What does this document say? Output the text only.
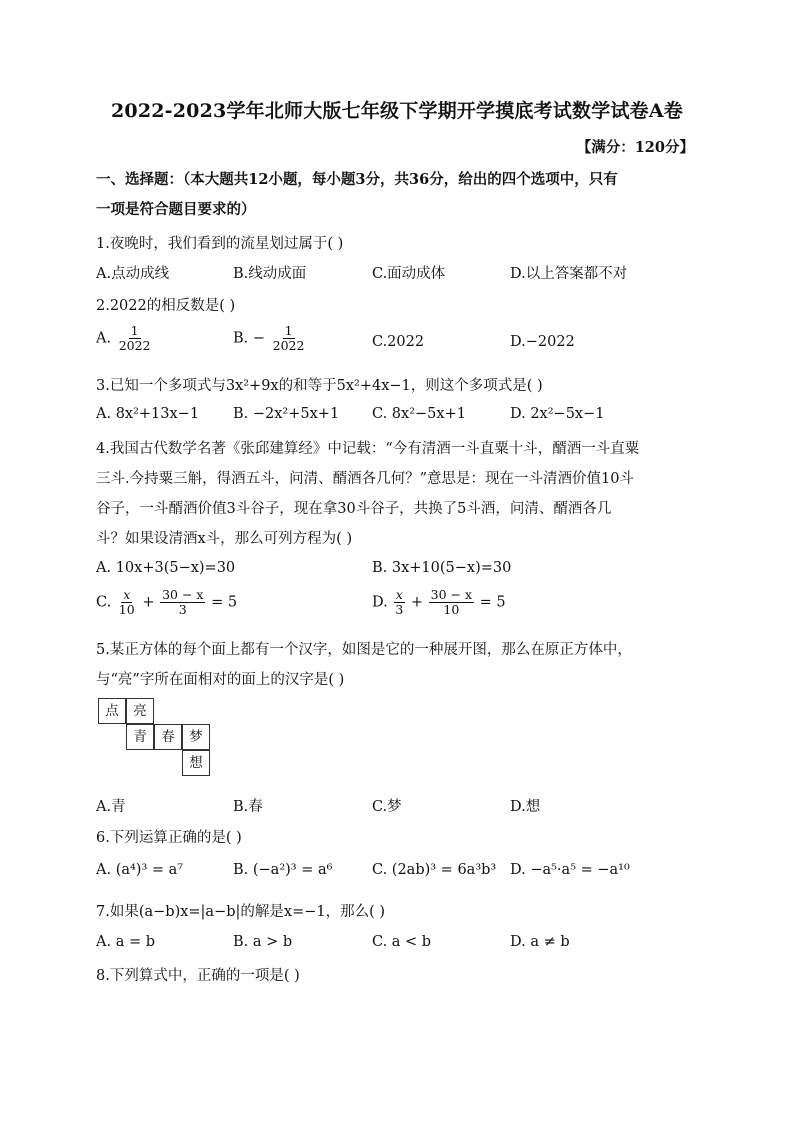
2022-2023学年北师大版七年级下学期开学摸底考试数学试卷A卷
【满分：120分】
一、选择题：（本大题共12小题，每小题3分，共36分，给出的四个选项中，只有
一项是符合题目要求的）
1.夜晚时，我们看到的流星划过属于( )
A.点动成线	B.线动成面	C.面动成体	D.以上答案都不对
2.2022的相反数是( )
A. $\frac{1}{2022}$	B. − $\frac{1}{2022}$	C.2022	D.−2022
3.已知一个多项式与3x²+9x的和等于5x²+4x−1，则这个多项式是( )
A. 8x²+13x−1 B. −2x²+5x+1 C. 8x²−5x+1	D. 2x²−5x−1
4.我国古代数学名著《张邱建算经》中记载：“今有清酒一斗直粟十斗，醑酒一斗直粟
三斗.今持粟三斛，得酒五斗，问清、醑酒各几何？”意思是：现在一斗清酒价值10斗
谷子，一斗醑酒价值3斗谷子，现在拿30斗谷子，共换了5斗酒，问清、醑酒各几
斗？如果设清酒x斗，那么可列方程为( )
A. 10x+3(5−x)=30	B. 3x+10(5−x)=30
C. $\frac{x}{10} + \frac{30 - x}{3} = 5$	D. $\frac{x}{3} + \frac{30 - x}{10} = 5$
5.某正方体的每个面上都有一个汉字，如图是它的一种展开图，那么在原正方体中，
与“亮”字所在面相对的面上的汉字是( )
点	亮
青	春	梦
想
A.青	B.春	C.梦	D.想
6.下列运算正确的是( )
A. (a⁴)³ = a⁷	B. (−a²)³ = a⁶	C. (2ab)³ = 6a³b³ D. −a⁵·a⁵ = −a¹⁰
7.如果(a−b)x=|a−b|的解是x=−1，那么( )
A. a = b	B. a > b	C. a < b	D. a ≠ b
8.下列算式中，正确的一项是( )
